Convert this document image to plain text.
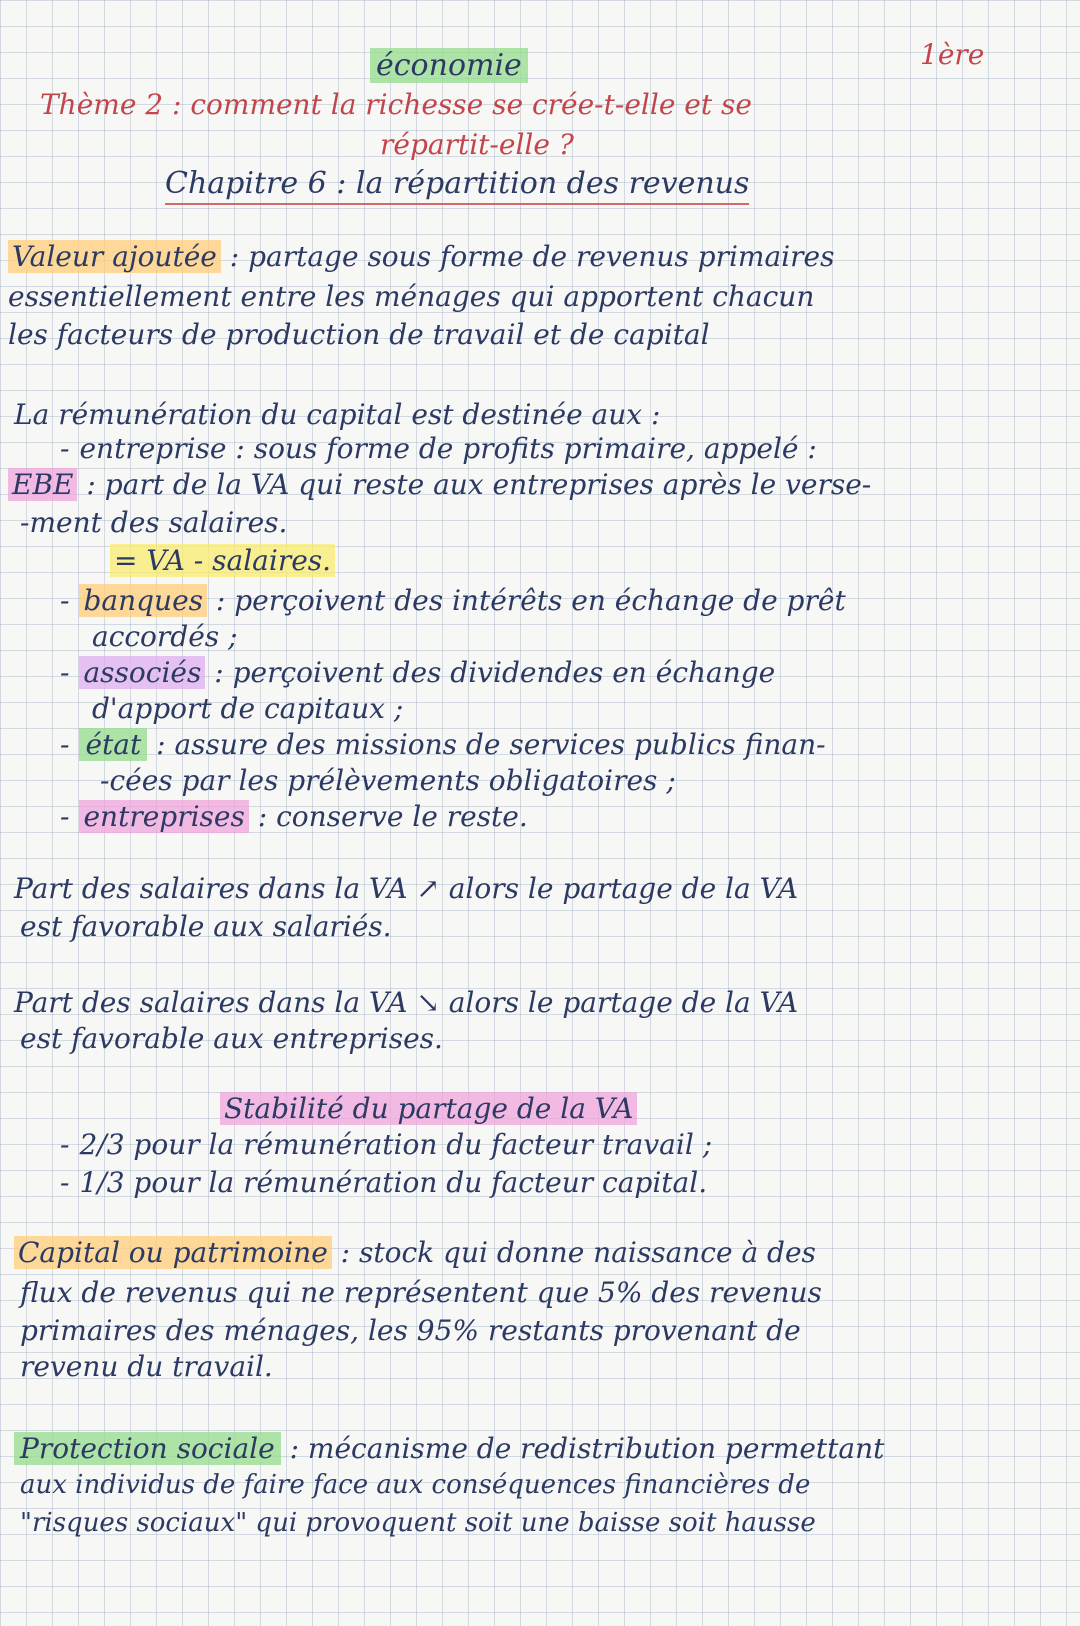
économie	1ère
Thème 2 : comment la richesse se crée-t-elle et se
répartit-elle ?
Chapitre 6 : la répartition des revenus
Valeur ajoutée : partage sous forme de revenus primaires
essentiellement entre les ménages qui apportent chacun
les facteurs de production de travail et de capital
La rémunération du capital est destinée aux :
- entreprise : sous forme de profits primaire, appelé :
EBE : part de la VA qui reste aux entreprises après le verse-
-ment des salaires.
= VA - salaires.
- banques : perçoivent des intérêts en échange de prêt
accordés ;
- associés : perçoivent des dividendes en échange
d'apport de capitaux ;
- état : assure des missions de services publics finan-
-cées par les prélèvements obligatoires ;
- entreprises : conserve le reste.
Part des salaires dans la VA ↗ alors le partage de la VA
est favorable aux salariés.
Part des salaires dans la VA ↘ alors le partage de la VA
est favorable aux entreprises.
Stabilité du partage de la VA
- 2/3 pour la rémunération du facteur travail ;
- 1/3 pour la rémunération du facteur capital.
Capital ou patrimoine : stock qui donne naissance à des
flux de revenus qui ne représentent que 5% des revenus
primaires des ménages, les 95% restants provenant de
revenu du travail.
Protection sociale : mécanisme de redistribution permettant
aux individus de faire face aux conséquences financières de
"risques sociaux" qui provoquent soit une baisse soit hausse
